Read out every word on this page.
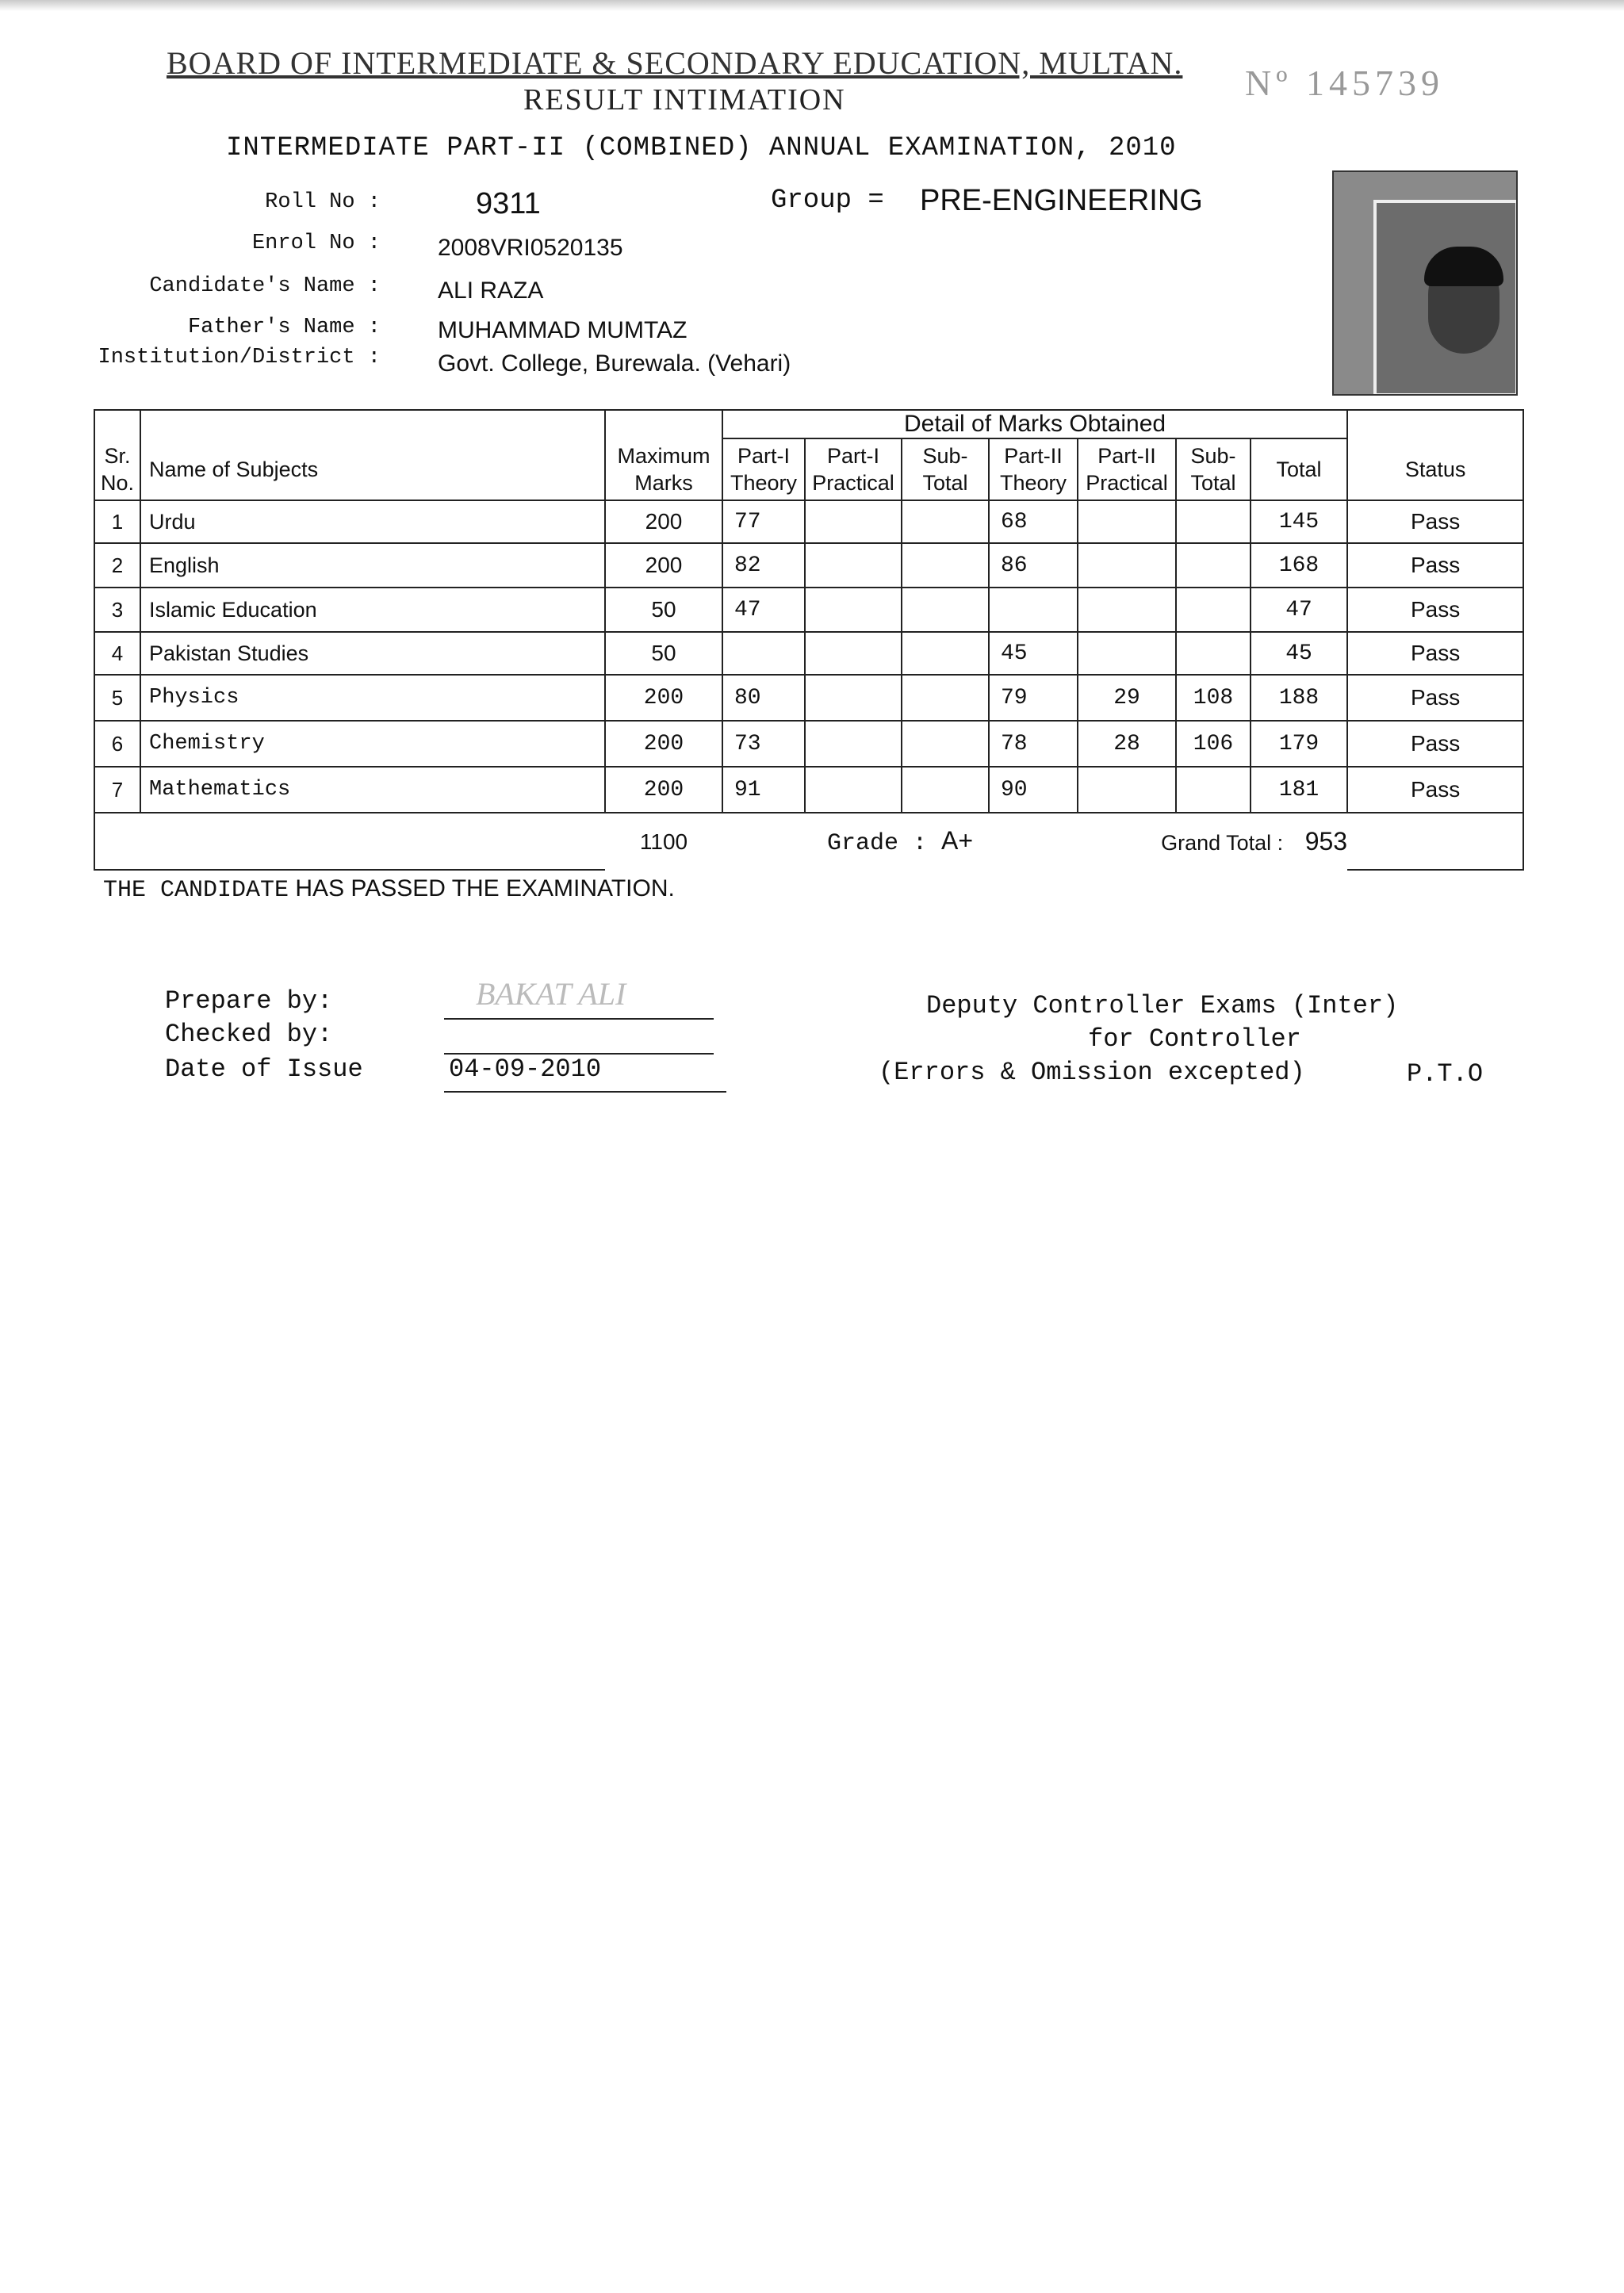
BOARD OF INTERMEDIATE & SECONDARY EDUCATION, MULTAN. Nº 145739
RESULT INTIMATION
INTERMEDIATE PART-II (COMBINED) ANNUAL EXAMINATION, 2010
Roll No :	9311	Group = PRE-ENGINEERING
Enrol No : 2008VRI0520135
Candidate's Name : ALI RAZA
Father's Name : MUHAMMAD MUMTAZ
Institution/District : Govt. College, Burewala. (Vehari)
			Detail of Marks Obtained							
Sr. No.	Name of Subjects	Maximum Marks	Part-I Theory	Part-I Practical	Sub- Total	Part-II Theory	Part-II Practical	Sub- Total	Total	Status
1	Urdu	200	77			68			145	Pass
2	English	200	82			86			168	Pass
3	Islamic Education	50	47						47	Pass
4	Pakistan Studies	50				45			45	Pass
5	Physics	200	80			79	29	108	188	Pass
6	Chemistry	200	73			78	28	106	179	Pass
7	Mathematics	200	91			90			181	Pass
		1100	Grade : A+				Grand Total : 953			
THE CANDIDATE HAS PASSED THE EXAMINATION.
Prepare by:	BAKAT ALI
Checked by:
Date of Issue	04-09-2010
Deputy Controller Exams (Inter)
for Controller
(Errors & Omission excepted)	P.T.O
